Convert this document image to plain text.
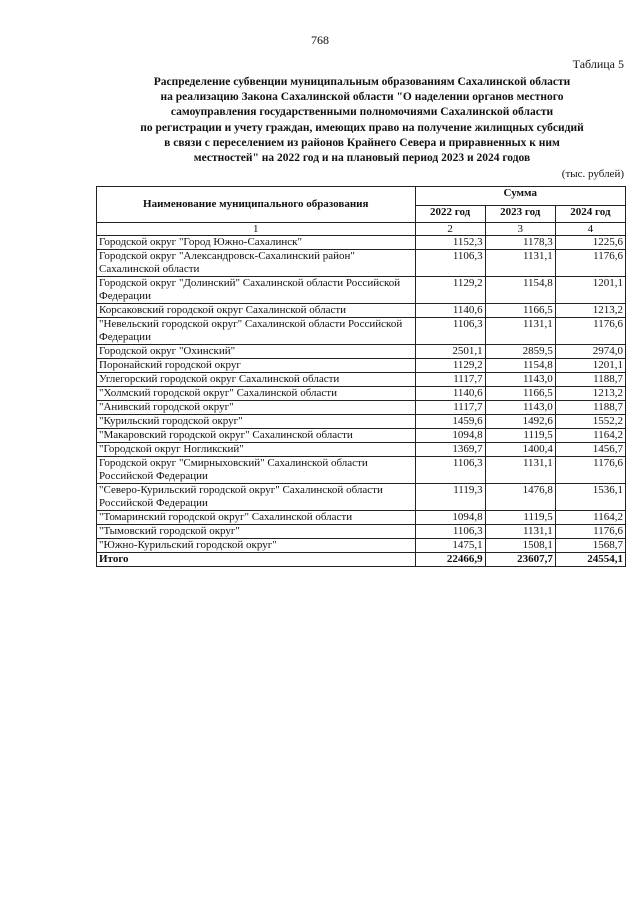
768
Таблица 5
Распределение субвенции муниципальным образованиям Сахалинской области
на реализацию Закона Сахалинской области "О наделении органов местного
самоуправления государственными полномочиями Сахалинской области
по регистрации и учету граждан, имеющих право на получение жилищных субсидий
в связи с переселением из районов Крайнего Севера и приравненных к ним
местностей" на 2022 год и на плановый период 2023 и 2024 годов
(тыс. рублей)
Наименование муниципального образования	Сумма		
	2022 год	2023 год	2024 год
1	2	3	4
Городской округ "Город Южно-Сахалинск"	1152,3	1178,3	1225,6
Городской округ "Александровск-Сахалинский район" Сахалинской области	1106,3	1131,1	1176,6
Городской округ "Долинский" Сахалинской области Российской Федерации	1129,2	1154,8	1201,1
Корсаковский городской округ Сахалинской области	1140,6	1166,5	1213,2
"Невельский городской округ" Сахалинской области Российской Федерации	1106,3	1131,1	1176,6
Городской округ "Охинский"	2501,1	2859,5	2974,0
Поронайский городской округ	1129,2	1154,8	1201,1
Углегорский городской округ Сахалинской области	1117,7	1143,0	1188,7
"Холмский городской округ" Сахалинской области	1140,6	1166,5	1213,2
"Анивский городской округ"	1117,7	1143,0	1188,7
"Курильский городской округ"	1459,6	1492,6	1552,2
"Макаровский городской округ" Сахалинской области	1094,8	1119,5	1164,2
"Городской округ Ногликский"	1369,7	1400,4	1456,7
Городской округ "Смирныховский" Сахалинской области Российской Федерации	1106,3	1131,1	1176,6
"Северо-Курильский городской округ" Сахалинской области Российской Федерации	1119,3	1476,8	1536,1
"Томаринский городской округ" Сахалинской области	1094,8	1119,5	1164,2
"Тымовский городской округ"	1106,3	1131,1	1176,6
"Южно-Курильский городской округ"	1475,1	1508,1	1568,7
Итого	22466,9	23607,7	24554,1
